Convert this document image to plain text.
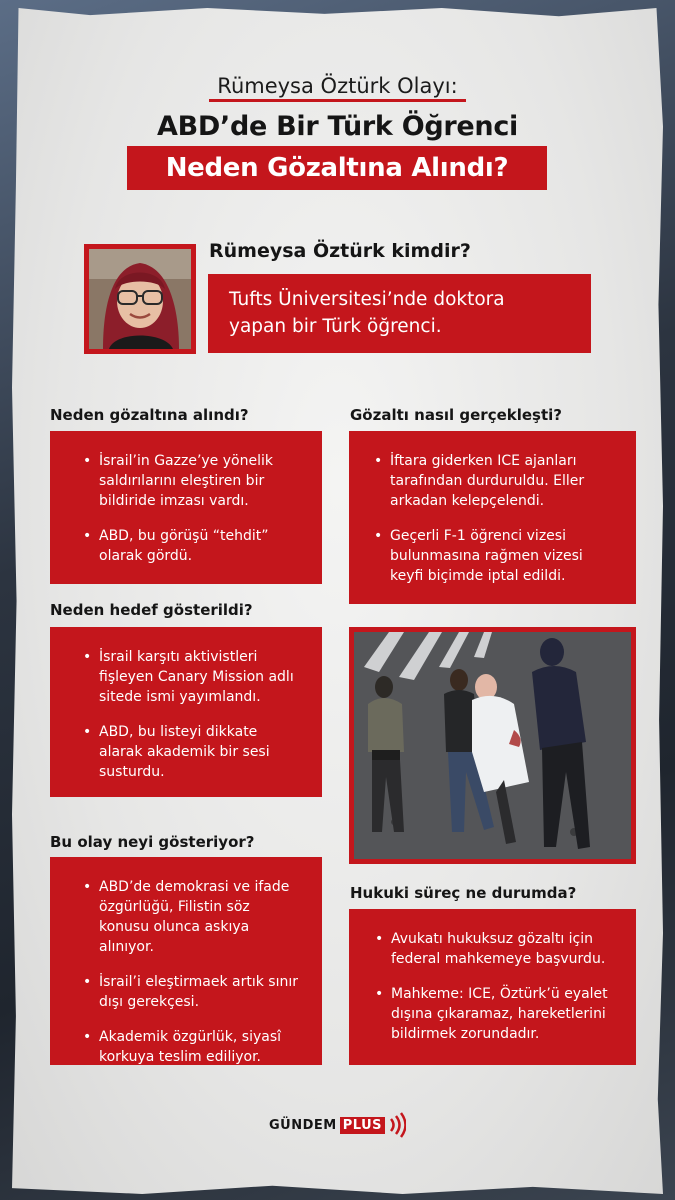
Rümeysa Öztürk Olayı:
ABD’de Bir Türk Öğrenci
Neden Gözaltına Alındı?
Rümeysa Öztürk kimdir?
Tufts Üniversitesi’nde doktora
yapan bir Türk öğrenci.
Neden gözaltına alındı?
• İsrail’in Gazze’ye yönelik saldırılarını eleştiren bir bildiride imzası vardı.
• ABD, bu görüşü “tehdit” olarak gördü.
Gözaltı nasıl gerçekleşti?
• İftara giderken ICE ajanları tarafından durduruldu. Eller arkadan kelepçelendi.
• Geçerli F-1 öğrenci vizesi bulunmasına rağmen vizesi keyfi biçimde iptal edildi.
Neden hedef gösterildi?
• İsrail karşıtı aktivistleri fişleyen Canary Mission adlı sitede ismi yayımlandı.
• ABD, bu listeyi dikkate alarak akademik bir sesi susturdu.
Bu olay neyi gösteriyor?
• ABD’de demokrasi ve ifade özgürlüğü, Filistin söz konusu olunca askıya alınıyor.
• İsrail’i eleştirmaek artık sınır dışı gerekçesi.
• Akademik özgürlük, siyasî korkuya teslim ediliyor.
Hukuki süreç ne durumda?
• Avukatı hukuksuz gözaltı için federal mahkemeye başvurdu.
• Mahkeme: ICE, Öztürk’ü eyalet dışına çıkaramaz, hareketlerini bildirmek zorundadır.
GÜNDEM PLUS
